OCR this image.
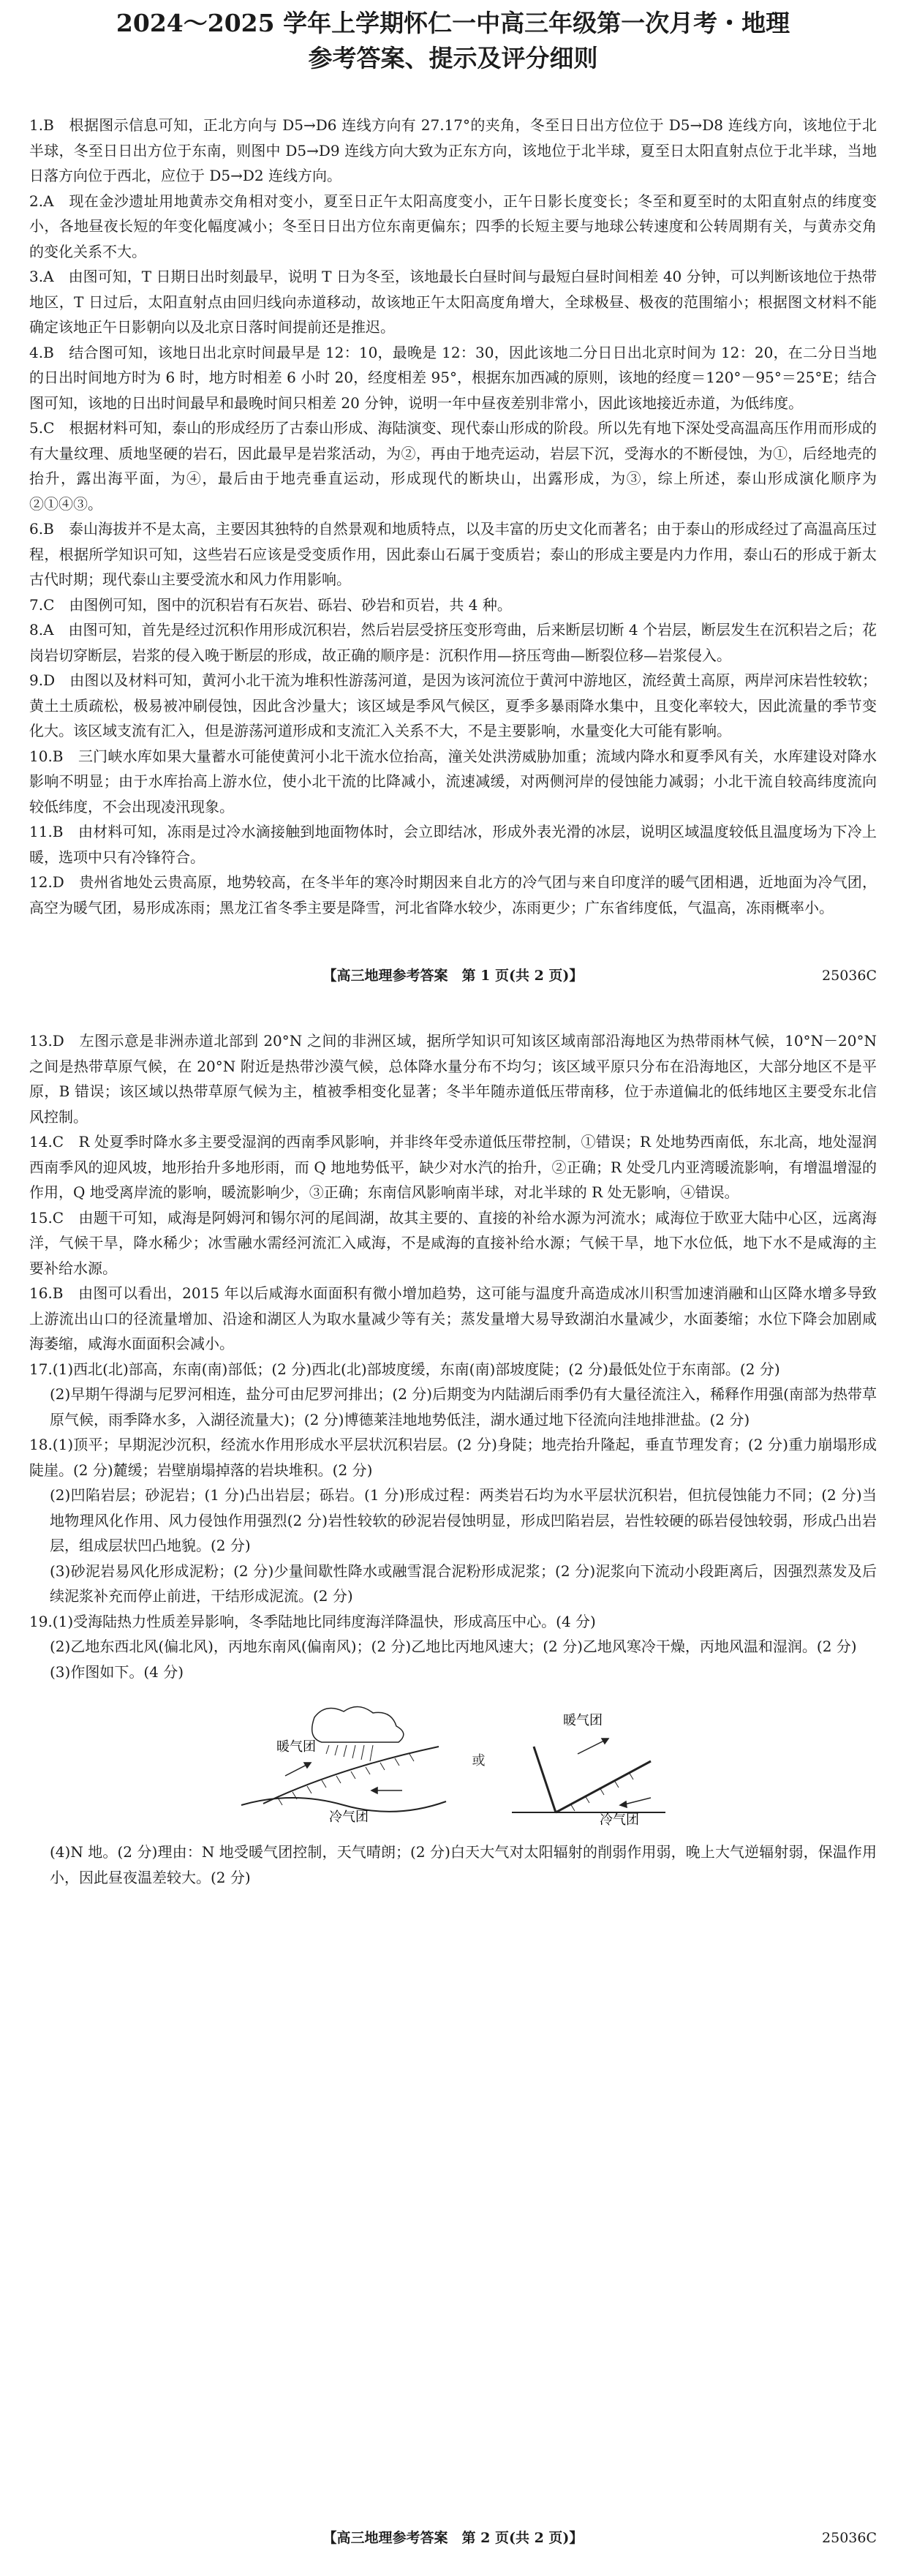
2024～2025 学年上学期怀仁一中高三年级第一次月考・地理
参考答案、提示及评分细则

1.B　根据图示信息可知，正北方向与 D5→D6 连线方向有 27.17°的夹角，冬至日日出方位位于 D5→D8 连线方向，该地位于北半球，冬至日日出方位于东南，则图中 D5→D9 连线方向大致为正东方向，该地位于北半球，夏至日太阳直射点位于北半球，当地日落方向位于西北，应位于 D5→D2 连线方向。

2.A　现在金沙遗址用地黄赤交角相对变小，夏至日正午太阳高度变小，正午日影长度变长；冬至和夏至时的太阳直射点的纬度变小，各地昼夜长短的年变化幅度减小；冬至日日出方位东南更偏东；四季的长短主要与地球公转速度和公转周期有关，与黄赤交角的变化关系不大。

3.A　由图可知，T 日期日出时刻最早，说明 T 日为冬至，该地最长白昼时间与最短白昼时间相差 40 分钟，可以判断该地位于热带地区，T 日过后，太阳直射点由回归线向赤道移动，故该地正午太阳高度角增大，全球极昼、极夜的范围缩小；根据图文材料不能确定该地正午日影朝向以及北京日落时间提前还是推迟。

4.B　结合图可知，该地日出北京时间最早是 12：10，最晚是 12：30，因此该地二分日日出北京时间为 12：20，在二分日当地的日出时间地方时为 6 时，地方时相差 6 小时 20，经度相差 95°，根据东加西减的原则，该地的经度＝120°－95°＝25°E；结合图可知，该地的日出时间最早和最晚时间只相差 20 分钟，说明一年中昼夜差别非常小，因此该地接近赤道，为低纬度。

5.C　根据材料可知，泰山的形成经历了古泰山形成、海陆演变、现代泰山形成的阶段。所以先有地下深处受高温高压作用而形成的有大量纹理、质地坚硬的岩石，因此最早是岩浆活动，为②，再由于地壳运动，岩层下沉，受海水的不断侵蚀，为①，后经地壳的抬升，露出海平面，为④，最后由于地壳垂直运动，形成现代的断块山，出露形成，为③，综上所述，泰山形成演化顺序为②①④③。

6.B　泰山海拔并不是太高，主要因其独特的自然景观和地质特点，以及丰富的历史文化而著名；由于泰山的形成经过了高温高压过程，根据所学知识可知，这些岩石应该是受变质作用，因此泰山石属于变质岩；泰山的形成主要是内力作用，泰山石的形成于新太古代时期；现代泰山主要受流水和风力作用影响。

7.C　由图例可知，图中的沉积岩有石灰岩、砾岩、砂岩和页岩，共 4 种。

8.A　由图可知，首先是经过沉积作用形成沉积岩，然后岩层受挤压变形弯曲，后来断层切断 4 个岩层，断层发生在沉积岩之后；花岗岩切穿断层，岩浆的侵入晚于断层的形成，故正确的顺序是：沉积作用—挤压弯曲—断裂位移—岩浆侵入。

9.D　由图以及材料可知，黄河小北干流为堆积性游荡河道，是因为该河流位于黄河中游地区，流经黄土高原，两岸河床岩性较软；黄土土质疏松，极易被冲刷侵蚀，因此含沙量大；该区域是季风气候区，夏季多暴雨降水集中，且变化率较大，因此流量的季节变化大。该区域支流有汇入，但是游荡河道形成和支流汇入关系不大，不是主要影响，水量变化大可能有影响。

10.B　三门峡水库如果大量蓄水可能使黄河小北干流水位抬高，潼关处洪涝威胁加重；流域内降水和夏季风有关，水库建设对降水影响不明显；由于水库抬高上游水位，使小北干流的比降减小，流速减缓，对两侧河岸的侵蚀能力减弱；小北干流自较高纬度流向较低纬度，不会出现凌汛现象。

11.B　由材料可知，冻雨是过冷水滴接触到地面物体时，会立即结冰，形成外表光滑的冰层，说明区域温度较低且温度场为下冷上暖，选项中只有冷锋符合。

12.D　贵州省地处云贵高原，地势较高，在冬半年的寒冷时期因来自北方的冷气团与来自印度洋的暖气团相遇，近地面为冷气团，高空为暖气团，易形成冻雨；黑龙江省冬季主要是降雪，河北省降水较少，冻雨更少；广东省纬度低，气温高，冻雨概率小。

【高三地理参考答案　第 1 页(共 2 页)】	25036C

13.D　左图示意是非洲赤道北部到 20°N 之间的非洲区域，据所学知识可知该区域南部沿海地区为热带雨林气候，10°N－20°N 之间是热带草原气候，在 20°N 附近是热带沙漠气候，总体降水量分布不均匀；该区域平原只分布在沿海地区，大部分地区不是平原，B 错误；该区域以热带草原气候为主，植被季相变化显著；冬半年随赤道低压带南移，位于赤道偏北的低纬地区主要受东北信风控制。

14.C　R 处夏季时降水多主要受湿润的西南季风影响，并非终年受赤道低压带控制，①错误；R 处地势西南低，东北高，地处湿润西南季风的迎风坡，地形抬升多地形雨，而 Q 地地势低平，缺少对水汽的抬升，②正确；R 处受几内亚湾暖流影响，有增温增湿的作用，Q 地受离岸流的影响，暖流影响少，③正确；东南信风影响南半球，对北半球的 R 处无影响，④错误。

15.C　由题干可知，咸海是阿姆河和锡尔河的尾闾湖，故其主要的、直接的补给水源为河流水；咸海位于欧亚大陆中心区，远离海洋，气候干旱，降水稀少；冰雪融水需经河流汇入咸海，不是咸海的直接补给水源；气候干旱，地下水位低，地下水不是咸海的主要补给水源。

16.B　由图可以看出，2015 年以后咸海水面面积有微小增加趋势，这可能与温度升高造成冰川积雪加速消融和山区降水增多导致上游流出山口的径流量增加、沿途和湖区人为取水量减少等有关；蒸发量增大易导致湖泊水量减少，水面萎缩；水位下降会加剧咸海萎缩，咸海水面面积会减小。

17.(1)西北(北)部高，东南(南)部低；(2 分)西北(北)部坡度缓，东南(南)部坡度陡；(2 分)最低处位于东南部。(2 分)

(2)早期午得湖与尼罗河相连，盐分可由尼罗河排出；(2 分)后期变为内陆湖后雨季仍有大量径流注入，稀释作用强(南部为热带草原气候，雨季降水多，入湖径流量大)；(2 分)博德莱洼地地势低洼，湖水通过地下径流向洼地排泄盐。(2 分)

18.(1)顶平；早期泥沙沉积，经流水作用形成水平层状沉积岩层。(2 分)身陡；地壳抬升隆起，垂直节理发育；(2 分)重力崩塌形成陡崖。(2 分)麓缓；岩壁崩塌掉落的岩块堆积。(2 分)

(2)凹陷岩层；砂泥岩；(1 分)凸出岩层；砾岩。(1 分)形成过程：两类岩石均为水平层状沉积岩，但抗侵蚀能力不同；(2 分)当地物理风化作用、风力侵蚀作用强烈(2 分)岩性较软的砂泥岩侵蚀明显，形成凹陷岩层，岩性较硬的砾岩侵蚀较弱，形成凸出岩层，组成层状凹凸地貌。(2 分)

(3)砂泥岩易风化形成泥粉；(2 分)少量间歇性降水或融雪混合泥粉形成泥浆；(2 分)泥浆向下流动小段距离后，因强烈蒸发及后续泥浆补充而停止前进，干结形成泥流。(2 分)

19.(1)受海陆热力性质差异影响，冬季陆地比同纬度海洋降温快，形成高压中心。(4 分)

(2)乙地东西北风(偏北风)，丙地东南风(偏南风)；(2 分)乙地比丙地风速大；(2 分)乙地风寒冷干燥，丙地风温和湿润。(2 分)

(3)作图如下。(4 分)

暖气团
冷气团
或
暖气团
冷气团

(4)N 地。(2 分)理由：N 地受暖气团控制，天气晴朗；(2 分)白天大气对太阳辐射的削弱作用弱，晚上大气逆辐射弱，保温作用小，因此昼夜温差较大。(2 分)

【高三地理参考答案　第 2 页(共 2 页)】	25036C
